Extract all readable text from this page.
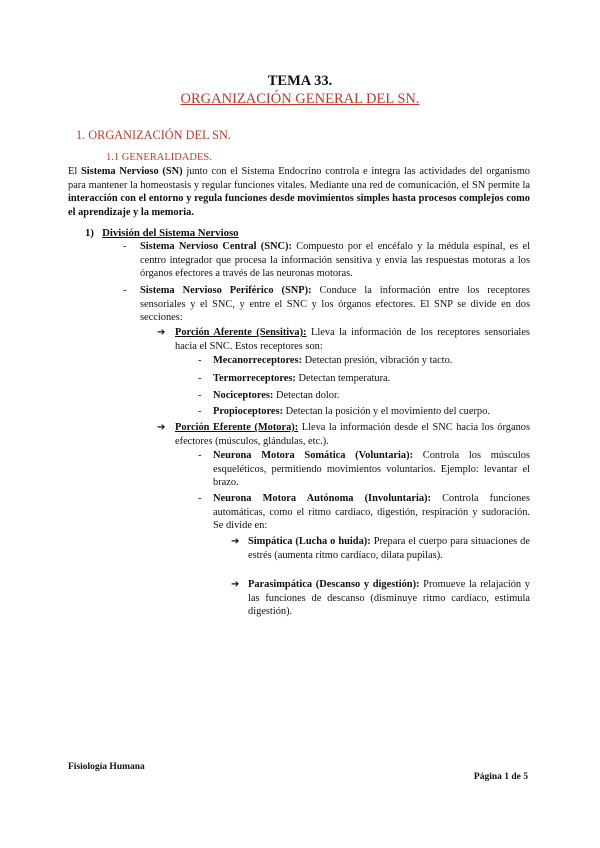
TEMA 33.
ORGANIZACIÓN GENERAL DEL SN.
1. ORGANIZACIÓN DEL SN.
1.1 GENERALIDADES.
El Sistema Nervioso (SN) junto con el Sistema Endocrino controla e integra las actividades del organismo para mantener la homeostasis y regular funciones vitales. Mediante una red de comunicación, el SN permite la interacción con el entorno y regula funciones desde movimientos simples hasta procesos complejos como el aprendizaje y la memoria.
1) División del Sistema Nervioso
-	Sistema Nervioso Central (SNC): Compuesto por el encéfalo y la médula espinal, es el centro integrador que procesa la información sensitiva y envía las respuestas motoras a los órganos efectores a través de las neuronas motoras.
-	Sistema Nervioso Periférico (SNP): Conduce la información entre los receptores sensoriales y el SNC, y entre el SNC y los órganos efectores. El SNP se divide en dos secciones:
➔ Porción Aferente (Sensitiva): Lleva la información de los receptores sensoriales hacia el SNC. Estos receptores son:
-	Mecanorreceptores: Detectan presión, vibración y tacto.
-	Termorreceptores: Detectan temperatura.
-	Nociceptores: Detectan dolor.
-	Propioceptores: Detectan la posición y el movimiento del cuerpo.
➔ Porción Eferente (Motora): Lleva la información desde el SNC hacia los órganos efectores (músculos, glándulas, etc.).
-	Neurona Motora Somática (Voluntaria): Controla los músculos esqueléticos, permitiendo movimientos voluntarios. Ejemplo: levantar el brazo.
-	Neurona Motora Autónoma (Involuntaria): Controla funciones automáticas, como el ritmo cardíaco, digestión, respiración y sudoración. Se divide en:
➔ Simpática (Lucha o huida): Prepara el cuerpo para situaciones de estrés (aumenta ritmo cardíaco, dilata pupilas).
➔ Parasimpática (Descanso y digestión): Promueve la relajación y las funciones de descanso (disminuye ritmo cardíaco, estimula digestión).
Fisiología Humana
Página 1 de 5
